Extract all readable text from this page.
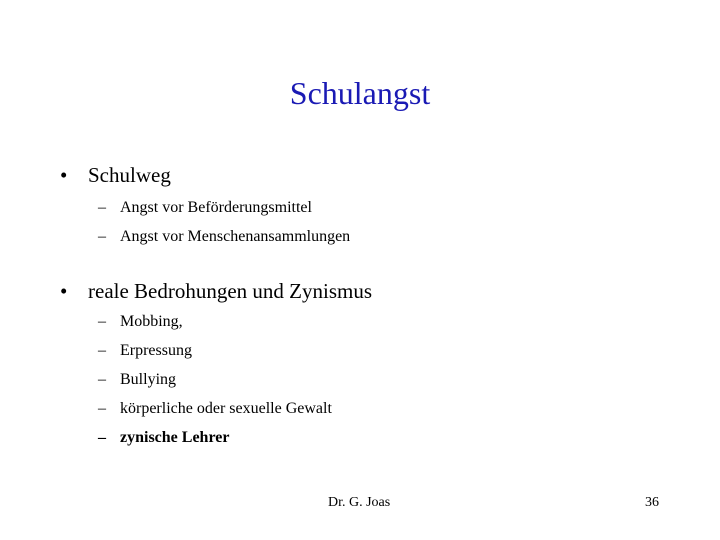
Schulangst
• Schulweg
– Angst vor Beförderungsmittel
– Angst vor Menschenansammlungen
• reale Bedrohungen und Zynismus
– Mobbing,
– Erpressung
– Bullying
– körperliche oder sexuelle Gewalt
– zynische Lehrer
Dr. G. Joas	36
